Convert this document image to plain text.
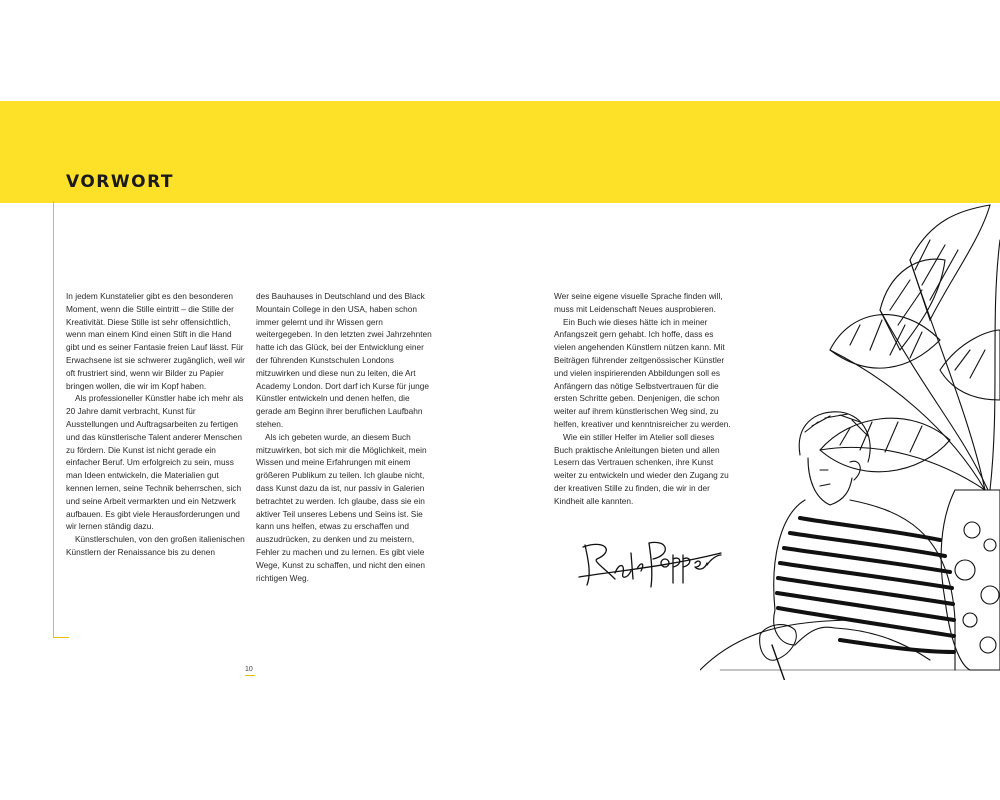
VORWORT

In jedem Kunstatelier gibt es den besonderen Moment, wenn die Stille eintritt – die Stille der Kreativität. Diese Stille ist sehr offensichtlich, wenn man einem Kind einen Stift in die Hand gibt und es seiner Fantasie freien Lauf lässt. Für Erwachsene ist sie schwerer zugänglich, weil wir oft frustriert sind, wenn wir Bilder zu Papier bringen wollen, die wir im Kopf haben.

Als professioneller Künstler habe ich mehr als 20 Jahre damit verbracht, Kunst für Ausstellungen und Auftragsarbeiten zu fertigen und das künstlerische Talent anderer Menschen zu fördern. Die Kunst ist nicht gerade ein einfacher Beruf. Um erfolgreich zu sein, muss man Ideen entwickeln, die Materialien gut kennen lernen, seine Technik beherrschen, sich und seine Arbeit vermarkten und ein Netzwerk aufbauen. Es gibt viele Herausforderungen und wir lernen ständig dazu.

Künstlerschulen, von den großen italienischen Künstlern der Renaissance bis zu denen

des Bauhauses in Deutschland und des Black Mountain College in den USA, haben schon immer gelernt und ihr Wissen gern weitergegeben. In den letzten zwei Jahrzehnten hatte ich das Glück, bei der Entwicklung einer der führenden Kunstschulen Londons mitzuwirken und diese nun zu leiten, die Art Academy London. Dort darf ich Kurse für junge Künstler entwickeln und denen helfen, die gerade am Beginn ihrer beruflichen Laufbahn stehen.

Als ich gebeten wurde, an diesem Buch mitzuwirken, bot sich mir die Möglichkeit, mein Wissen und meine Erfahrungen mit einem größeren Publikum zu teilen. Ich glaube nicht, dass Kunst dazu da ist, nur passiv in Galerien betrachtet zu werden. Ich glaube, dass sie ein aktiver Teil unseres Lebens und Seins ist. Sie kann uns helfen, etwas zu erschaffen und auszudrücken, zu denken und zu meistern, Fehler zu machen und zu lernen. Es gibt viele Wege, Kunst zu schaffen, und nicht den einen richtigen Weg.

Wer seine eigene visuelle Sprache finden will, muss mit Leidenschaft Neues ausprobieren.

Ein Buch wie dieses hätte ich in meiner Anfangszeit gern gehabt. Ich hoffe, dass es vielen angehenden Künstlern nützen kann. Mit Beiträgen führender zeitgenössischer Künstler und vielen inspirierenden Abbildungen soll es Anfängern das nötige Selbstvertrauen für die ersten Schritte geben. Denjenigen, die schon weiter auf ihrem künstlerischen Weg sind, zu helfen, kreativer und kenntnisreicher zu werden.

Wie ein stiller Helfer im Atelier soll dieses Buch praktische Anleitungen bieten und allen Lesern das Vertrauen schenken, ihre Kunst weiter zu entwickeln und wieder den Zugang zu der kreativen Stille zu finden, die wir in der Kindheit alle kannten.

10
